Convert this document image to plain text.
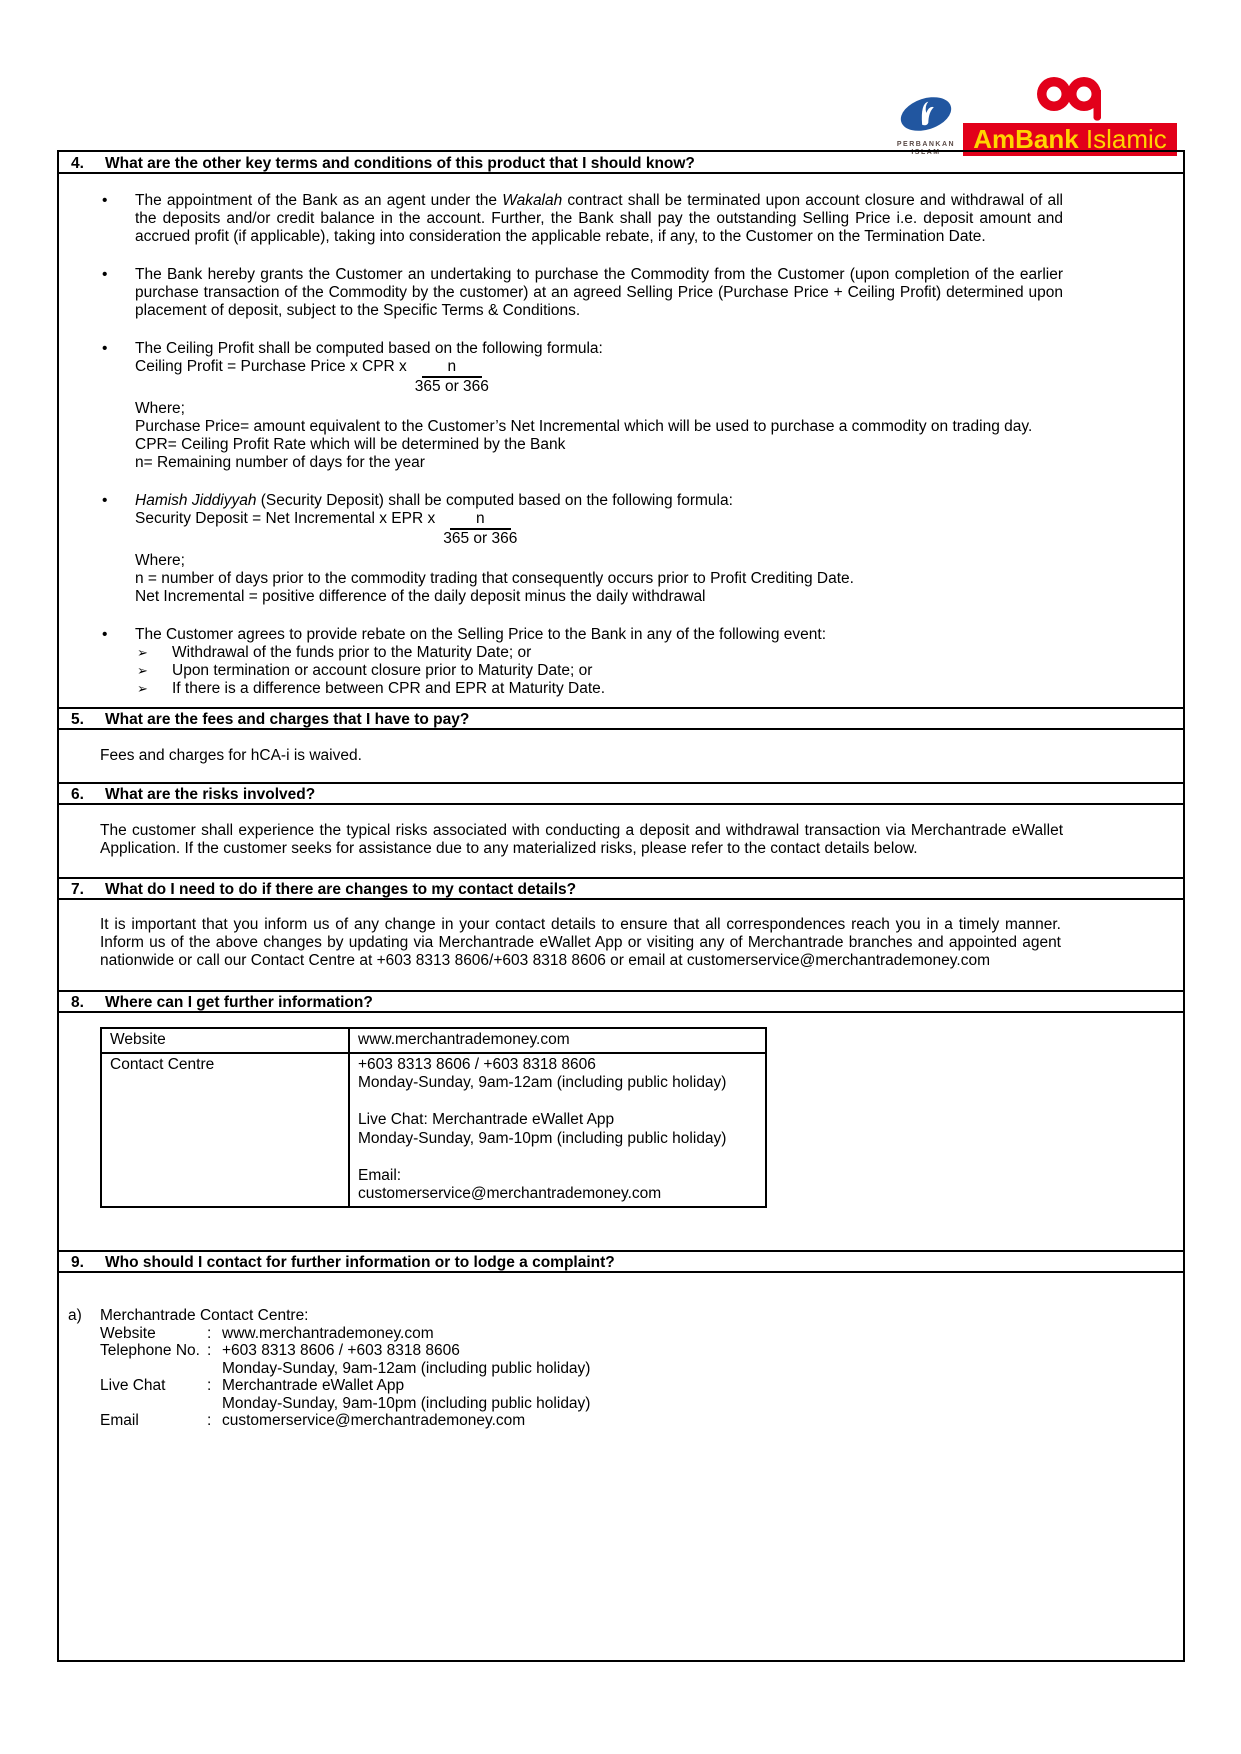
PERBANKAN
ISLAM	AmBank Islamic
4.	What are the other key terms and conditions of this product that I should know?
•	The appointment of the Bank as an agent under the Wakalah contract shall be terminated upon account closure and withdrawal of all the deposits and/or credit balance in the account. Further, the Bank shall pay the outstanding Selling Price i.e. deposit amount and accrued profit (if applicable), taking into consideration the applicable rebate, if any, to the Customer on the Termination Date.
•	The Bank hereby grants the Customer an undertaking to purchase the Commodity from the Customer (upon completion of the earlier purchase transaction of the Commodity by the customer) at an agreed Selling Price (Purchase Price + Ceiling Profit) determined upon placement of deposit, subject to the Specific Terms & Conditions.
•	The Ceiling Profit shall be computed based on the following formula:
Ceiling Profit = Purchase Price x CPR x $\frac{n}{365 or 366}$
Where;
Purchase Price= amount equivalent to the Customer’s Net Incremental which will be used to purchase a commodity on trading day.
CPR= Ceiling Profit Rate which will be determined by the Bank
n= Remaining number of days for the year
•	Hamish Jiddiyyah (Security Deposit) shall be computed based on the following formula:
Security Deposit = Net Incremental x EPR x $\frac{n}{365 or 366}$
Where;
n = number of days prior to the commodity trading that consequently occurs prior to Profit Crediting Date.
Net Incremental = positive difference of the daily deposit minus the daily withdrawal
•	The Customer agrees to provide rebate on the Selling Price to the Bank in any of the following event:
➢	Withdrawal of the funds prior to the Maturity Date; or
➢	Upon termination or account closure prior to Maturity Date; or
➢	If there is a difference between CPR and EPR at Maturity Date.
5.	What are the fees and charges that I have to pay?
Fees and charges for hCA-i is waived.
6.	What are the risks involved?
The customer shall experience the typical risks associated with conducting a deposit and withdrawal transaction via Merchantrade eWallet Application. If the customer seeks for assistance due to any materialized risks, please refer to the contact details below.
7.	What do I need to do if there are changes to my contact details?
It is important that you inform us of any change in your contact details to ensure that all correspondences reach you in a timely manner. Inform us of the above changes by updating via Merchantrade eWallet App or visiting any of Merchantrade branches and appointed agent nationwide or call our Contact Centre at +603 8313 8606/+603 8318 8606 or email at customerservice@merchantrademoney.com
8.	Where can I get further information?
Website	www.merchantrademoney.com

Contact Centre	+603 8313 8606 / +603 8318 8606
Monday-Sunday, 9am-12am (including public holiday)
Live Chat: Merchantrade eWallet App
Monday-Sunday, 9am-10pm (including public holiday)
Email:
customerservice@merchantrademoney.com
9.	Who should I contact for further information or to lodge a complaint?
a)	Merchantrade Contact Centre:
Website	: www.merchantrademoney.com
Telephone No. : +603 8313 8606 / +603 8318 8606
Monday-Sunday, 9am-12am (including public holiday)
Live Chat	: Merchantrade eWallet App
Monday-Sunday, 9am-10pm (including public holiday)
Email	: customerservice@merchantrademoney.com
